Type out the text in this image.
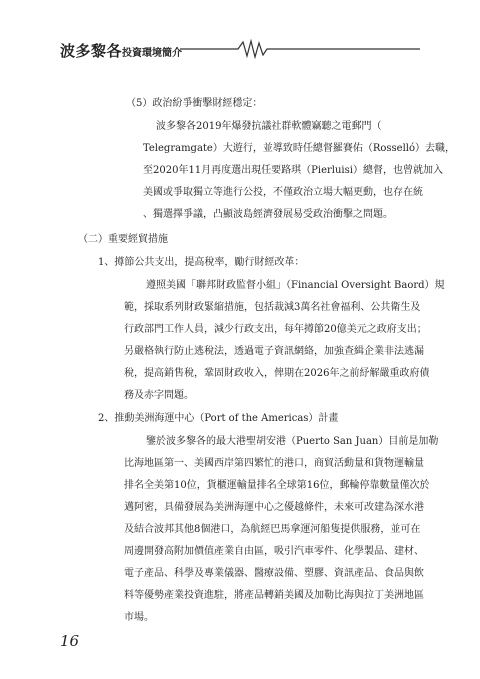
波多黎各投資環境簡介
（5）政治紛爭衝擊財經穩定：
波多黎各2019年爆發抗議社群軟體竊聽之電郵門（
Telegramgate）大遊行，並導致時任總督羅賽佑（Rosselló）去職，
至2020年11月再度選出現任要路琪（Pierluisi）總督，也曾就加入
美國或爭取獨立等進行公投，不僅政治立場大幅更動，也存在統
、獨選擇爭議，凸顯波島經濟發展易受政治衝擊之問題。
（二）重要經貿措施
1、撙節公共支出，提高稅率，勵行財經改革：
遵照美國「聯邦財政監督小組」（Financial Oversight Baord）規
範，採取系列財政緊縮措施，包括裁減3萬名社會福利、公共衛生及
行政部門工作人員，減少行政支出，每年撙節20億美元之政府支出；
另嚴格執行防止逃稅法，透過電子資訊網絡，加強查緝企業非法逃漏
稅，提高銷售稅，鞏固財政收入，俾期在2026年之前紓解嚴重政府債
務及赤字問題。
2、推動美洲海運中心（Port of the Americas）計畫
鑒於波多黎各的最大港聖胡安港（Puerto San Juan）目前是加勒
比海地區第一、美國西岸第四繁忙的港口，商貿活動量和貨物運輸量
排名全美第10位，貨櫃運輸量排名全球第16位，郵輪停靠數量僅次於
邁阿密，具備發展為美洲海運中心之優越條件，未來可改建為深水港
及結合波邦其他8個港口，為航經巴馬拿運河船隻提供服務，並可在
周邊開發高附加價值產業自由區，吸引汽車零件、化學製品、建材、
電子產品、科學及專業儀器、醫療設備、塑膠、資訊產品、食品與飲
料等優勢產業投資進駐，將產品轉銷美國及加勒比海與拉丁美洲地區
市場。
16
